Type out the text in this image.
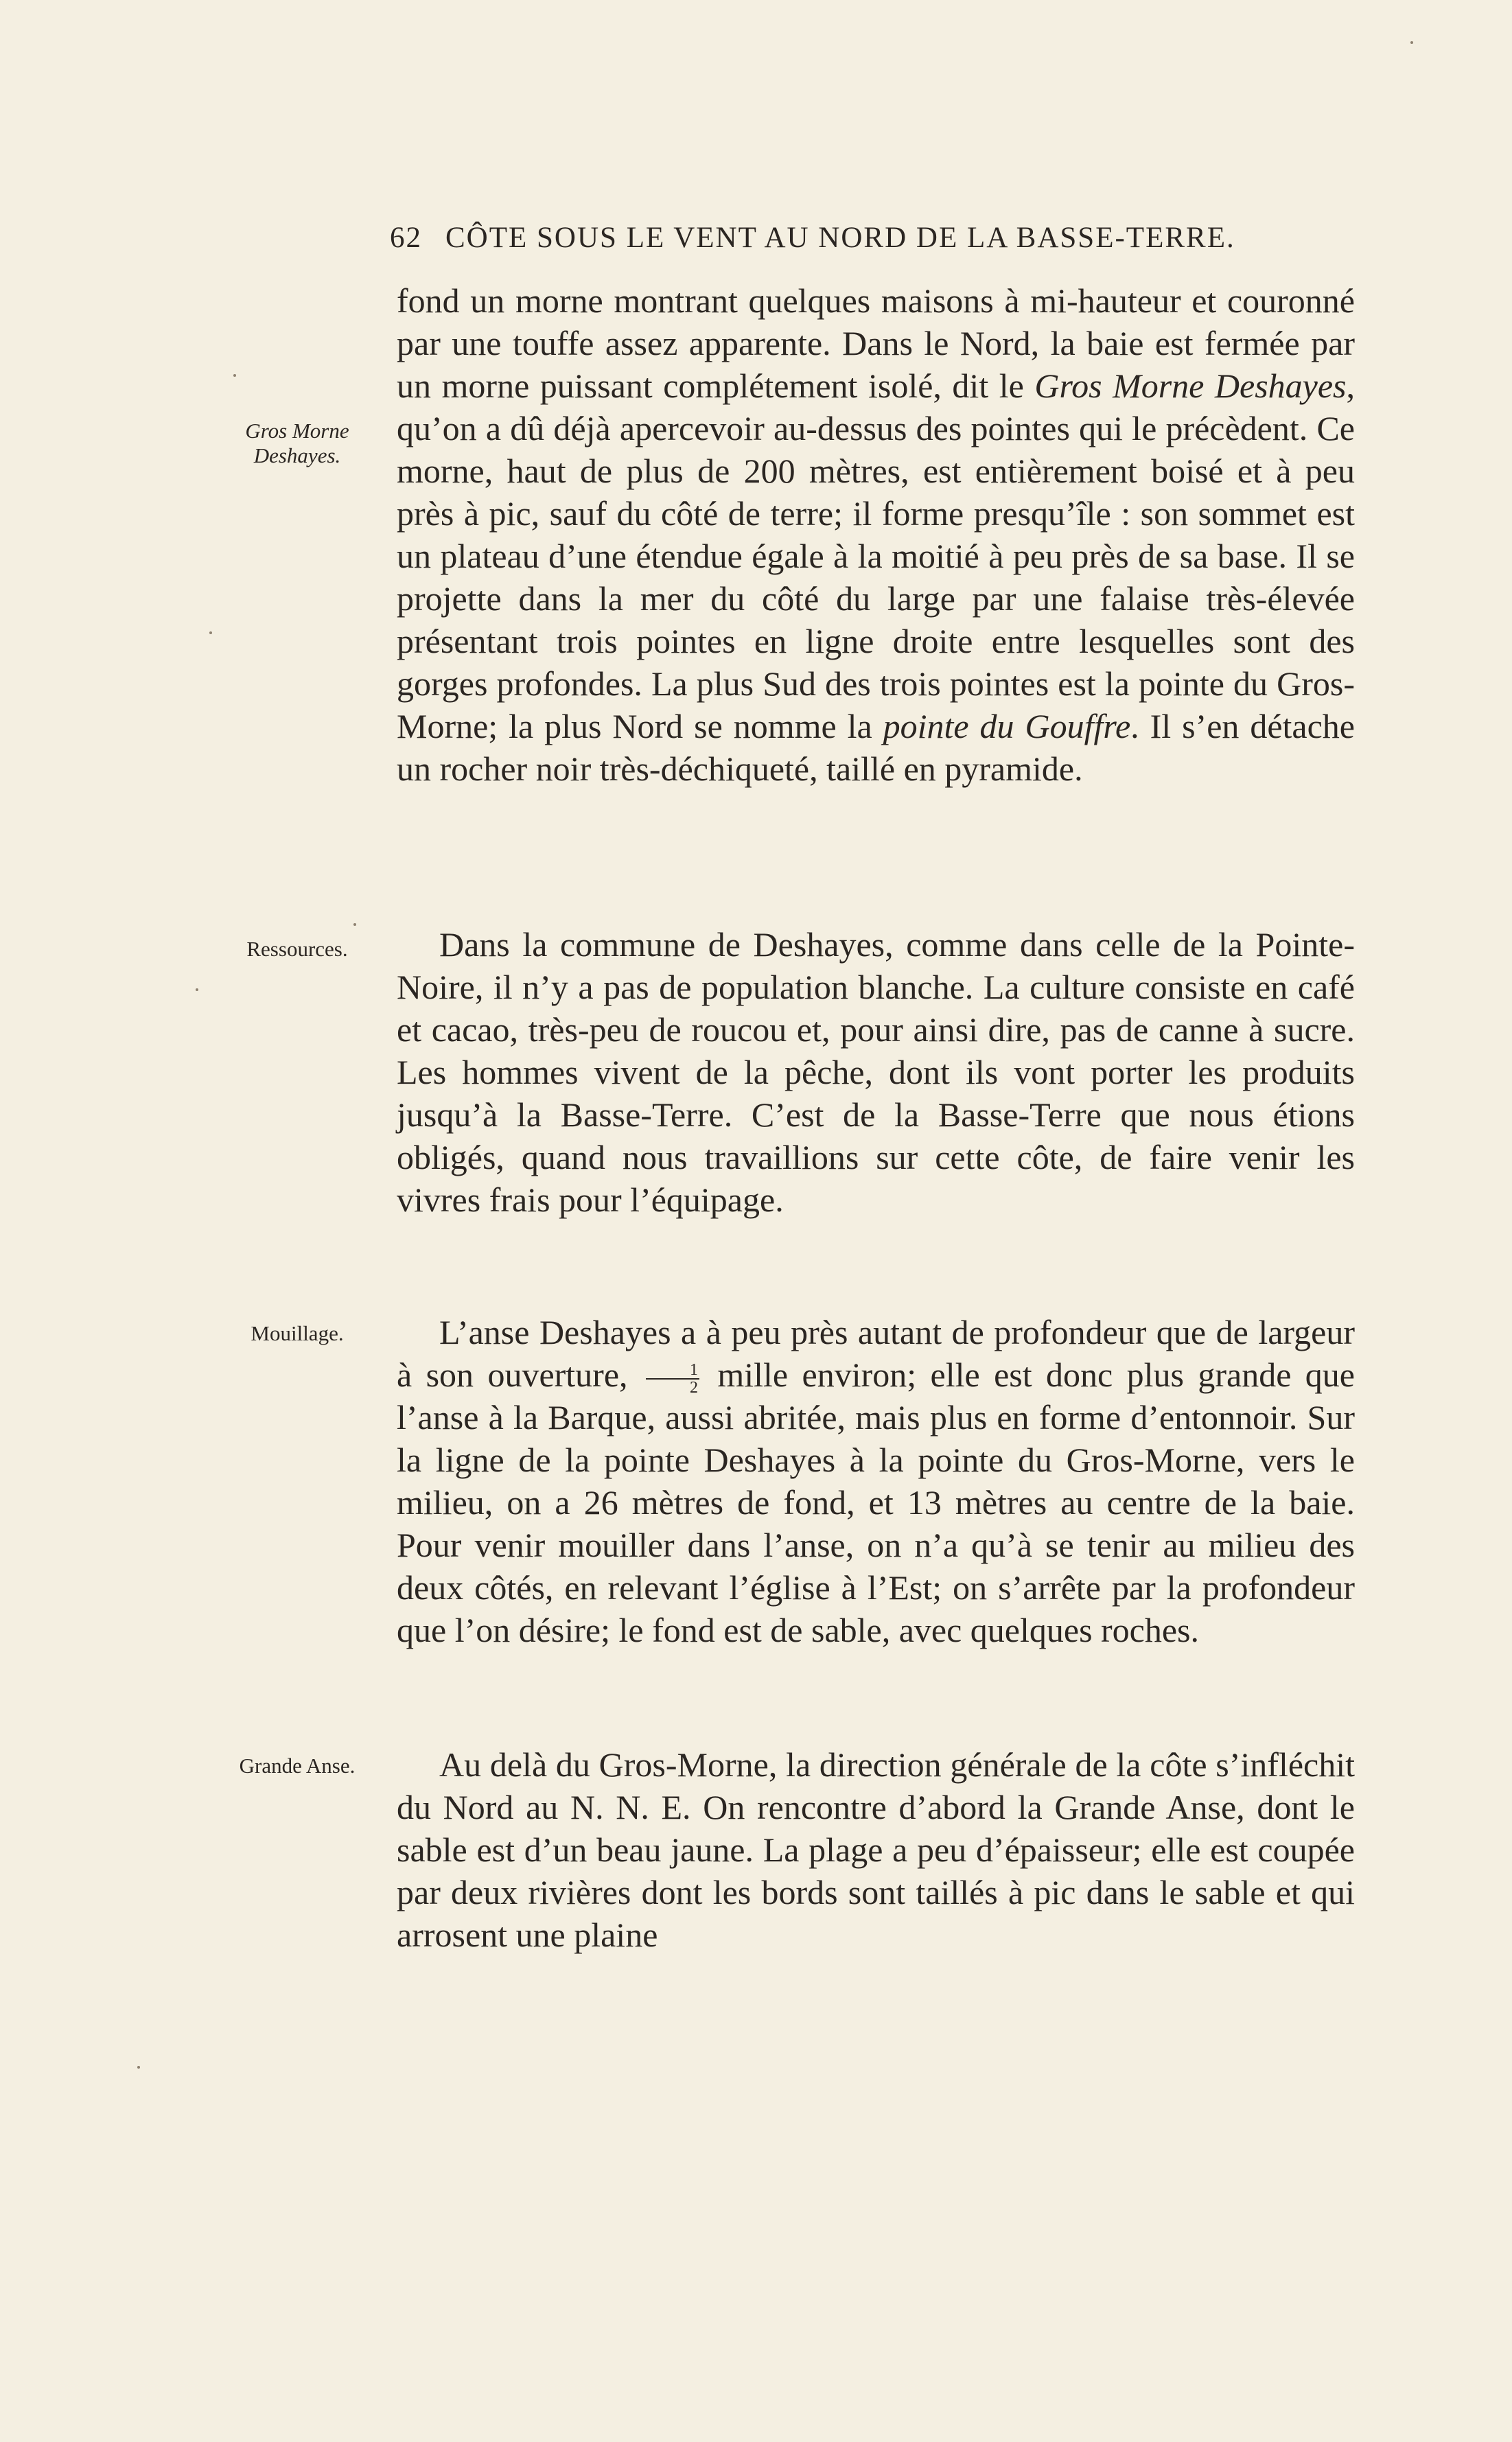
62 CÔTE SOUS LE VENT AU NORD DE LA BASSE-TERRE.
Gros Morne
Deshayes.
Ressources.
Mouillage.
Grande Anse.

fond un morne montrant quelques maisons à mi-hauteur et couronné par une touffe assez apparente. Dans le Nord, la baie est fermée par un morne puissant complétement isolé, dit le Gros Morne Deshayes, qu’on a dû déjà apercevoir au-dessus des pointes qui le précèdent. Ce morne, haut de plus de 200 mètres, est entièrement boisé et à peu près à pic, sauf du côté de terre; il forme presqu’île : son sommet est un plateau d’une étendue égale à la moitié à peu près de sa base. Il se projette dans la mer du côté du large par une falaise très-élevée présentant trois pointes en ligne droite entre lesquelles sont des gorges profondes. La plus Sud des trois pointes est la pointe du Gros-Morne; la plus Nord se nomme la pointe du Gouffre. Il s’en détache un rocher noir très-déchiqueté, taillé en pyramide.

Dans la commune de Deshayes, comme dans celle de la Pointe-Noire, il n’y a pas de population blanche. La culture consiste en café et cacao, très-peu de roucou et, pour ainsi dire, pas de canne à sucre. Les hommes vivent de la pêche, dont ils vont porter les produits jusqu’à la Basse-Terre. C’est de la Basse-Terre que nous étions obligés, quand nous travaillions sur cette côte, de faire venir les vivres frais pour l’équipage.

L’anse Deshayes a à peu près autant de profondeur que de largeur à son ouverture, $\frac{1}{2}$ mille environ; elle est donc plus grande que l’anse à la Barque, aussi abritée, mais plus en forme d’entonnoir. Sur la ligne de la pointe Deshayes à la pointe du Gros-Morne, vers le milieu, on a 26 mètres de fond, et 13 mètres au centre de la baie. Pour venir mouiller dans l’anse, on n’a qu’à se tenir au milieu des deux côtés, en relevant l’église à l’Est; on s’arrête par la profondeur que l’on désire; le fond est de sable, avec quelques roches.

Au delà du Gros-Morne, la direction générale de la côte s’infléchit du Nord au N. N. E. On rencontre d’abord la Grande Anse, dont le sable est d’un beau jaune. La plage a peu d’épaisseur; elle est coupée par deux rivières dont les bords sont taillés à pic dans le sable et qui arrosent une plaine
